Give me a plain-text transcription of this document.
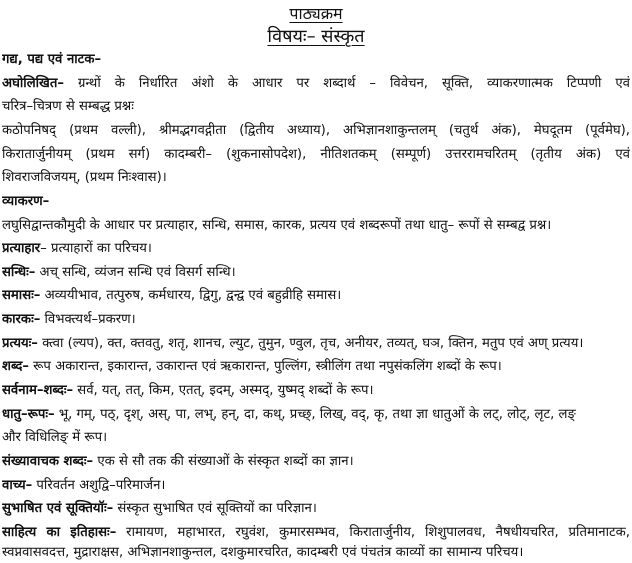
पाठ्यक्रम
विषयः– संस्कृत
गद्य, पद्य एवं नाटक–
अघोलिखित– ग्रन्थों के निर्धारित अंशो के आधार पर शब्दार्थ – विवेचन, सूक्ति, व्याकरणात्मक टिप्पणी एवं
चरित्र–चित्रण से सम्बद्ध प्रश्नः
कठोपनिषद् (प्रथम वल्ली), श्रीमद्भगवद्गीता (द्वितीय अध्याय), अभिज्ञानशाकुन्तलम् (चतुर्थ अंक), मेघदूतम (पूर्वमेघ),
किरातार्जुनीयम् (प्रथम सर्ग) कादम्बरी– (शुकनासोपदेश), नीतिशतकम् (सम्पूर्ण) उत्तररामचरितम् (तृतीय अंक) एवं
शिवराजविजयम्, (प्रथम निःश्वास)।
व्याकरण–
लघुसिद्वान्तकौमुदी के आधार पर प्रत्याहार, सन्धि, समास, कारक, प्रत्यय एवं शब्दरूपों तथा धातु– रूपों से सम्बद्व प्रश्न।
प्रत्याहार– प्रत्याहारों का परिचय।
सन्धिः– अच् सन्धि, व्यंजन सन्धि एवं विसर्ग सन्धि।
समासः– अव्ययीभाव, तत्पुरुष, कर्मधारय, द्विगु, द्वन्द्व एवं बहुव्रीहि समास।
कारकः– विभक्त्यर्थ–प्रकरण।
प्रत्ययः– क्त्वा (ल्यप), क्त, क्तवतु, शतृ, शानच, ल्युट, तुमुन, ण्वुल, तृच, अनीयर, तव्यत्, घञ, क्तिन, मतुप एवं अण् प्रत्यय।
शब्द– रूप अकारान्त, इकारान्त, उकारान्त एवं ऋकारान्त, पुल्लिंग, स्त्रीलिंग तथा नपुसंकलिंग शब्दों के रूप।
सर्वनाम–शब्दः– सर्व, यत्, तत्, किम, एतत्, इदम्, अस्मद्, युष्मद् शब्दों के रूप।
धातु–रूपः– भू, गम्, पठ्, दृश्, अस्, पा, लभ्, हन्, दा, कथ्, प्रच्छ्, लिख्, वद्, कृ, तथा ज्ञा धातुओं के लट्, लोट्, लृट, लङ्
और विधिलिङ् में रूप।
संख्यावाचक शब्दः– एक से सौ तक की संख्याओं के संस्कृत शब्दों का ज्ञान।
वाच्य– परिवर्तन अशुद्वि–परिमार्जन।
सुभाषित एवं सूक्तियॉः– संस्कृत सुभाषित एवं सूक्तियों का परिज्ञान।
साहित्य का इतिहासः– रामायण, महाभारत, रघुवंश, कुमारसम्भव, किरातार्जुनीय, शिशुपालवध, नैषधीयचरित, प्रतिमानाटक,
स्वप्नवासवदत्त, मुद्राराक्षस, अभिज्ञानशाकुन्तल, दशकुमारचरित, कादम्बरी एवं पंचतंत्र काव्यों का सामान्य परिचय।
